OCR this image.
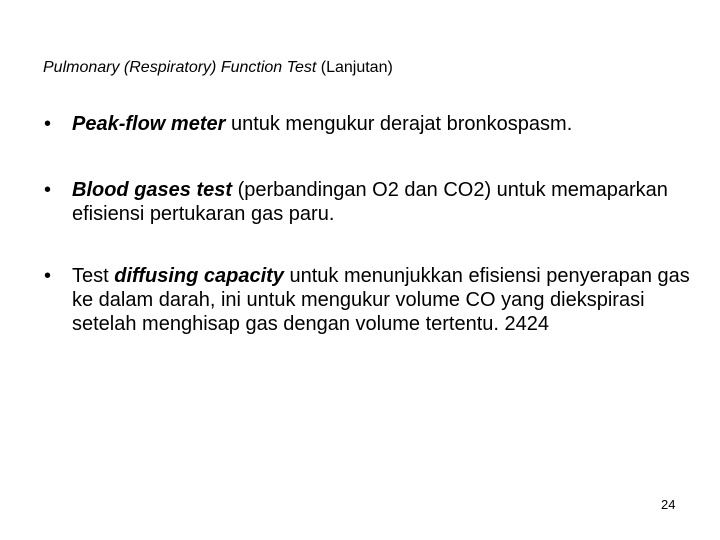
Pulmonary (Respiratory) Function Test (Lanjutan)
• Peak-flow meter untuk mengukur derajat bronkospasm.
• Blood gases test (perbandingan O2 dan CO2) untuk memaparkan efisiensi pertukaran gas paru.
• Test diffusing capacity untuk menunjukkan efisiensi penyerapan gas ke dalam darah, ini untuk mengukur volume CO yang diekspirasi setelah menghisap gas dengan volume tertentu. 2424
24
